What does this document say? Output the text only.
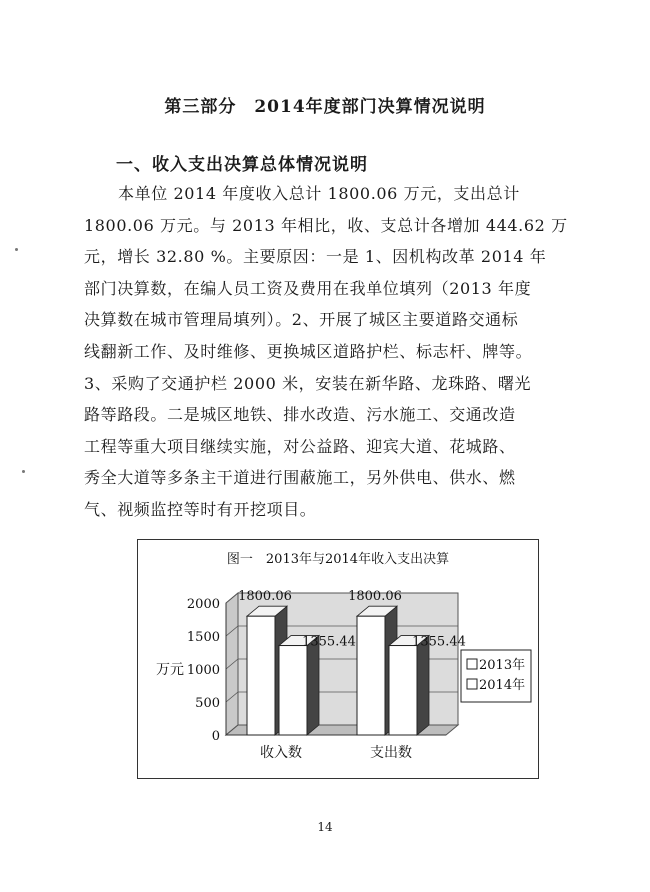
第三部分　2014年度部门决算情况说明
一、收入支出决算总体情况说明
本单位 2014 年度收入总计 1800.06 万元，支出总计
1800.06 万元。与 2013 年相比，收、支总计各增加 444.62 万
元，增长 32.80 %。主要原因：一是 1、因机构改革 2014 年
部门决算数，在编人员工资及费用在我单位填列（2013 年度
决算数在城市管理局填列）。2、开展了城区主要道路交通标
线翻新工作、及时维修、更换城区道路护栏、标志杆、牌等。
3、采购了交通护栏 2000 米，安装在新华路、龙珠路、曙光
路等路段。二是城区地铁、排水改造、污水施工、交通改造
工程等重大项目继续实施，对公益路、迎宾大道、花城路、
秀全大道等多条主干道进行围蔽施工，另外供电、供水、燃
气、视频监控等时有开挖项目。
图一　2013年与2014年收入支出决算
0
500
1000
1500
2000
万元
1800.06
1355.44
收入数
1800.06
1355.44
支出数
2013年
2014年
14
